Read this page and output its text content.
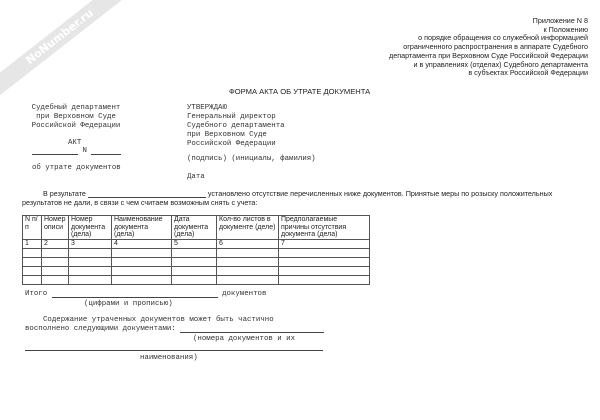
NoNumber.ru	Приложение N 8
к Положению
о порядке обращения со служебной информацией
ограниченного распространения в аппарате Судебного
департамента при Верховном Суде Российской Федерации
и в управлениях (отделах) Судебного департамента
в субъектах Российской Федерации
ФОРМА АКТА ОБ УТРАТЕ ДОКУМЕНТА
Судебный департамент
при Верховном Суде
Российской Федерации
АКТ
N
об утрате документов
УТВЕРЖДАЮ
Генеральный директор
Судебного департамента
при Верховном Суде
Российской Федерации
(подпись) (инициалы, фамилия)
Дата
В результате	установлено отсутствие перечисленных ниже документов. Принятые меры по розыску положительных
результатов не дали, в связи с чем считаем возможным снять с учета:
N п/п	Номер описи	Номер документа (дела)	Наименование документа (дела)	Дата документа (дела)	Кол-во листов в документе (деле)	Предполагаемые причины отсутствия документа (дела)
1	2	3	4	5	6	7

Итого	документов
(цифрами и прописью)
Содержание утраченных документов может быть частично
восполнено следующими документами:
(номера документов и их
наименования)
